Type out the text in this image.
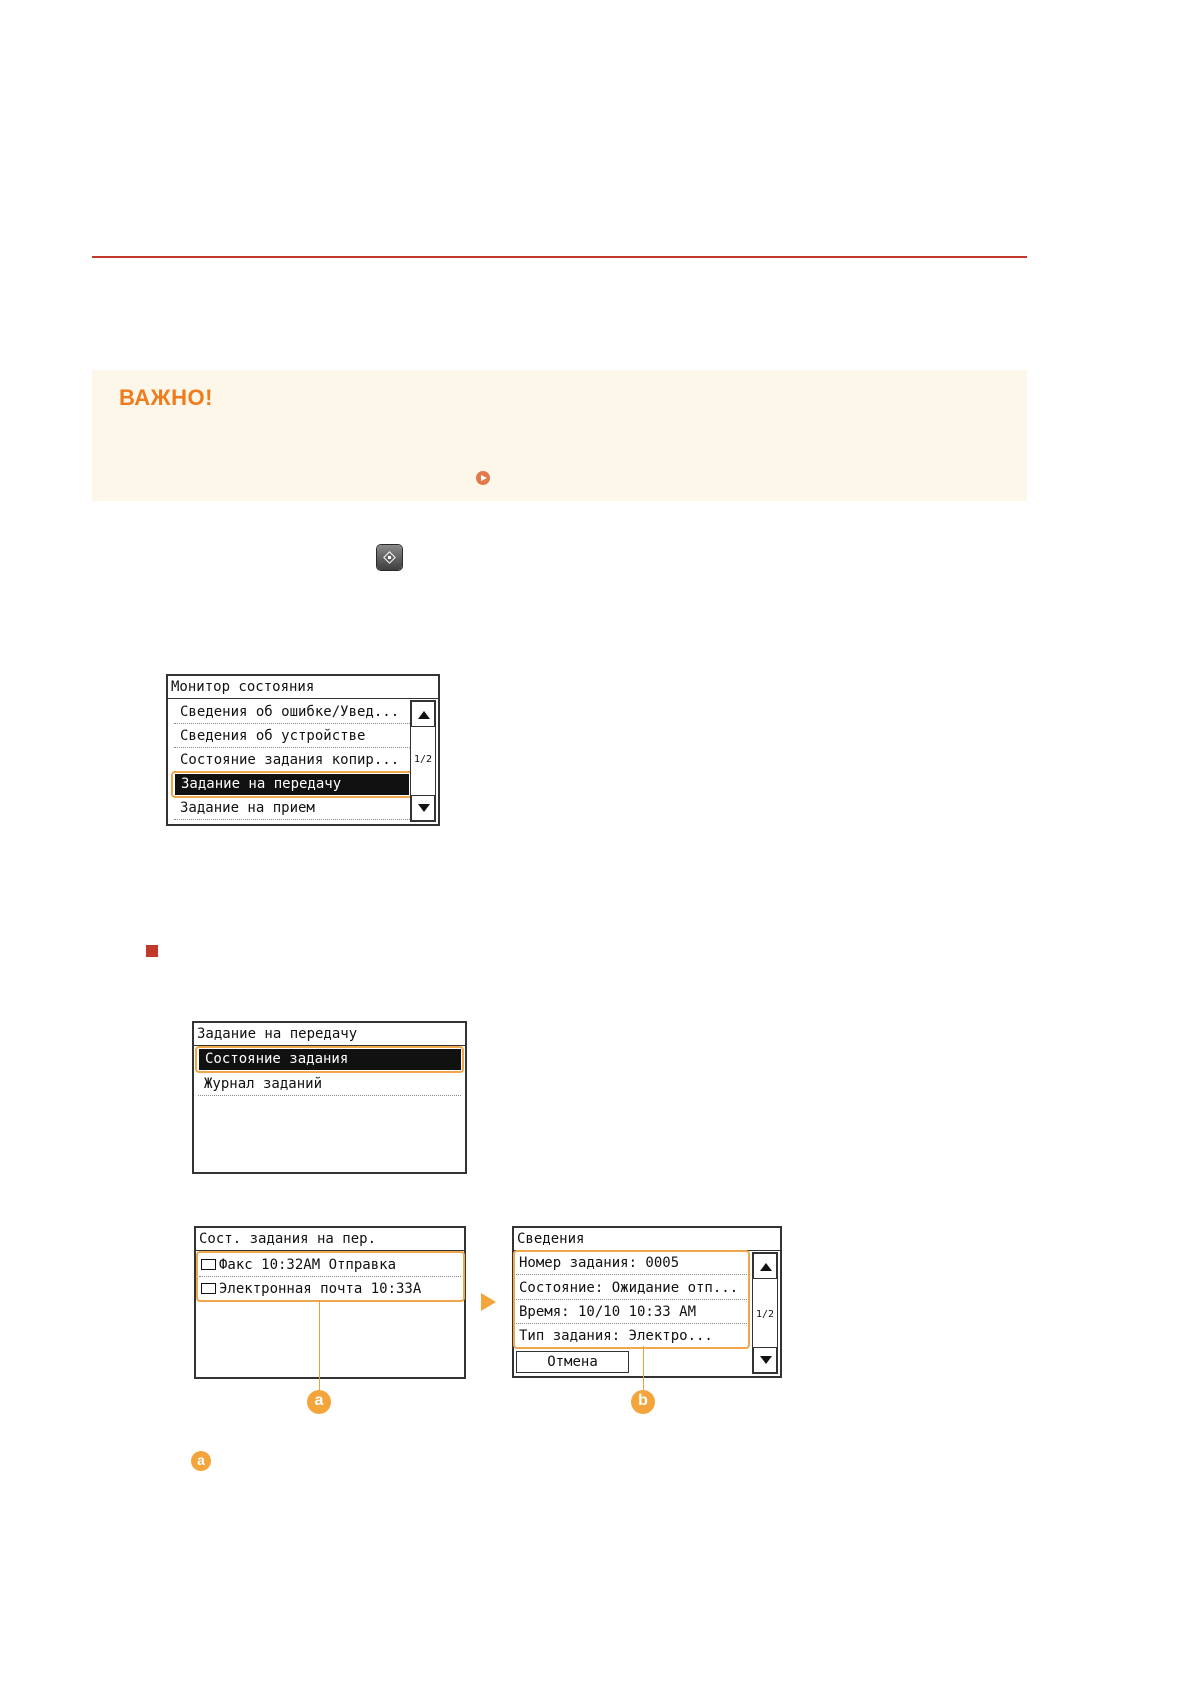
ВАЖНО!
Монитор состояния
Сведения об ошибке/Увед...
Сведения об устройстве
Состояние задания копир...
Задание на передачу
Задание на прием
1/2
Задание на передачу
Состояние задания
Журнал заданий
Сост. задания на пер.
Факс 10:32AM Отправка
Электронная почта 10:33A
Сведения
Номер задания: 0005
Состояние: Ожидание отп...
Время: 10/10 10:33 AM
Тип задания: Электро...
Отмена
1/2
a	b
a
